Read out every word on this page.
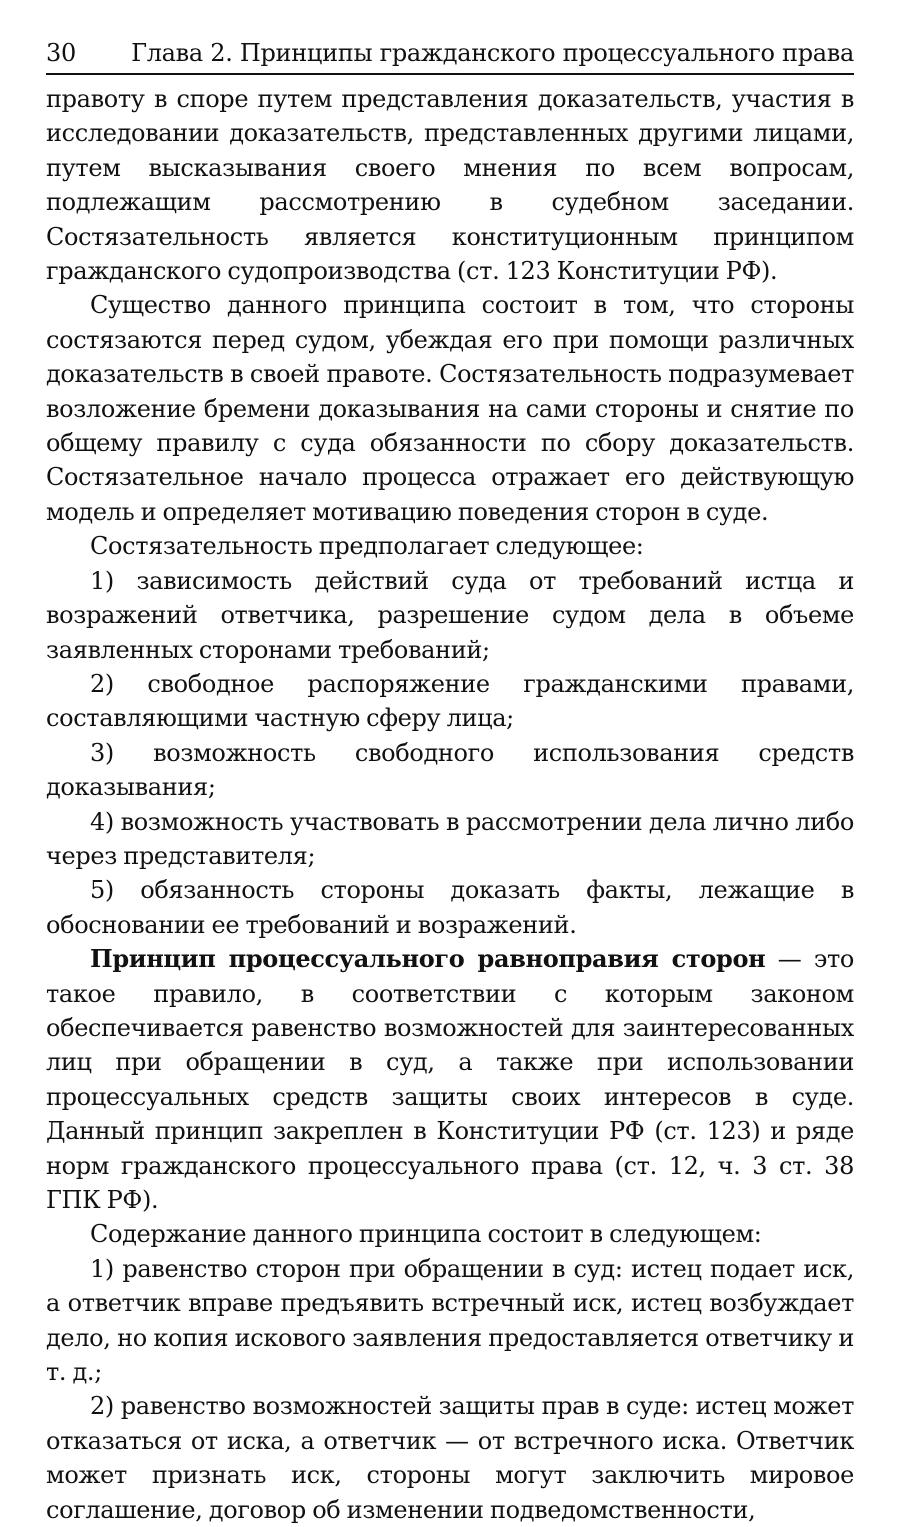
30 Глава 2. Принципы гражданского процессуального права

правоту в споре путем представления доказательств, участия в исследовании доказательств, представленных другими лицами, путем высказывания своего мнения по всем вопросам, подлежащим рассмотрению в судебном заседании. Состязательность является конституционным принципом гражданского судопроизводства (ст. 123 Конституции РФ).

Существо данного принципа состоит в том, что стороны состязаются перед судом, убеждая его при помощи различных доказательств в своей правоте. Состязательность подразумевает возложение бремени доказывания на сами стороны и снятие по общему правилу с суда обязанности по сбору доказательств. Состязательное начало процесса отражает его действующую модель и определяет мотивацию поведения сторон в суде.

Состязательность предполагает следующее:

1) зависимость действий суда от требований истца и возражений ответчика, разрешение судом дела в объеме заявленных сторонами требований;

2) свободное распоряжение гражданскими правами, составляющими частную сферу лица;

3) возможность свободного использования средств доказывания;

4) возможность участвовать в рассмотрении дела лично либо через представителя;

5) обязанность стороны доказать факты, лежащие в обосновании ее требований и возражений.

Принцип процессуального равноправия сторон — это такое правило, в соответствии с которым законом обеспечивается равенство возможностей для заинтересованных лиц при обращении в суд, а также при использовании процессуальных средств защиты своих интересов в суде. Данный принцип закреплен в Конституции РФ (ст. 123) и ряде норм гражданского процессуального права (ст. 12, ч. 3 ст. 38 ГПК РФ).

Содержание данного принципа состоит в следующем:

1) равенство сторон при обращении в суд: истец подает иск, а ответчик вправе предъявить встречный иск, истец возбуждает дело, но копия искового заявления предоставляется ответчику и т. д.;

2) равенство возможностей защиты прав в суде: истец может отказаться от иска, а ответчик — от встречного иска. Ответчик может признать иск, стороны могут заключить мировое соглашение, договор об изменении подведомственности,
